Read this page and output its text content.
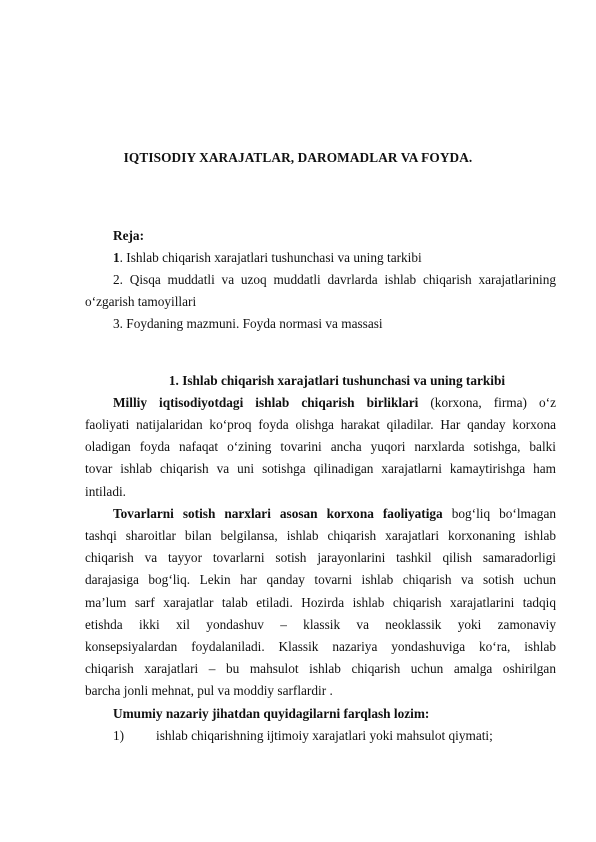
IQTISODIY XARAJATLAR, DAROMADLAR VA FOYDA.
Reja:
1. Ishlab chiqarish xarajatlari tushunchasi va uning tarkibi
2. Qisqa muddatli va uzoq muddatli davrlarda ishlab chiqarish xarajatlarining
o‘zgarish tamoyillari
3. Foydaning mazmuni. Foyda normasi va massasi
1. Ishlab chiqarish xarajatlari tushunchasi va uning tarkibi
Milliy iqtisodiyotdagi ishlab chiqarish birliklari (korxona, firma) o‘z
faoliyati natijalaridan ko‘proq foyda olishga harakat qiladilar. Har qanday korxona
oladigan foyda nafaqat o‘zining tovarini ancha yuqori narxlarda sotishga, balki
tovar ishlab chiqarish va uni sotishga qilinadigan xarajatlarni kamaytirishga ham
intiladi.
Tovarlarni sotish narxlari asosan korxona faoliyatiga bog‘liq bo‘lmagan
tashqi sharoitlar bilan belgilansa, ishlab chiqarish xarajatlari korxonaning ishlab
chiqarish va tayyor tovarlarni sotish jarayonlarini tashkil qilish samaradorligi
darajasiga bog‘liq. Lekin har qanday tovarni ishlab chiqarish va sotish uchun
ma’lum sarf xarajatlar talab etiladi. Hozirda ishlab chiqarish xarajatlarini tadqiq
etishda ikki xil yondashuv – klassik va neoklassik yoki zamonaviy
konsepsiyalardan foydalaniladi. Klassik nazariya yondashuviga ko‘ra, ishlab
chiqarish xarajatlari – bu mahsulot ishlab chiqarish uchun amalga oshirilgan
barcha jonli mehnat, pul va moddiy sarflardir .
Umumiy nazariy jihatdan quyidagilarni farqlash lozim:
1) ishlab chiqarishning ijtimoiy xarajatlari yoki mahsulot qiymati;
